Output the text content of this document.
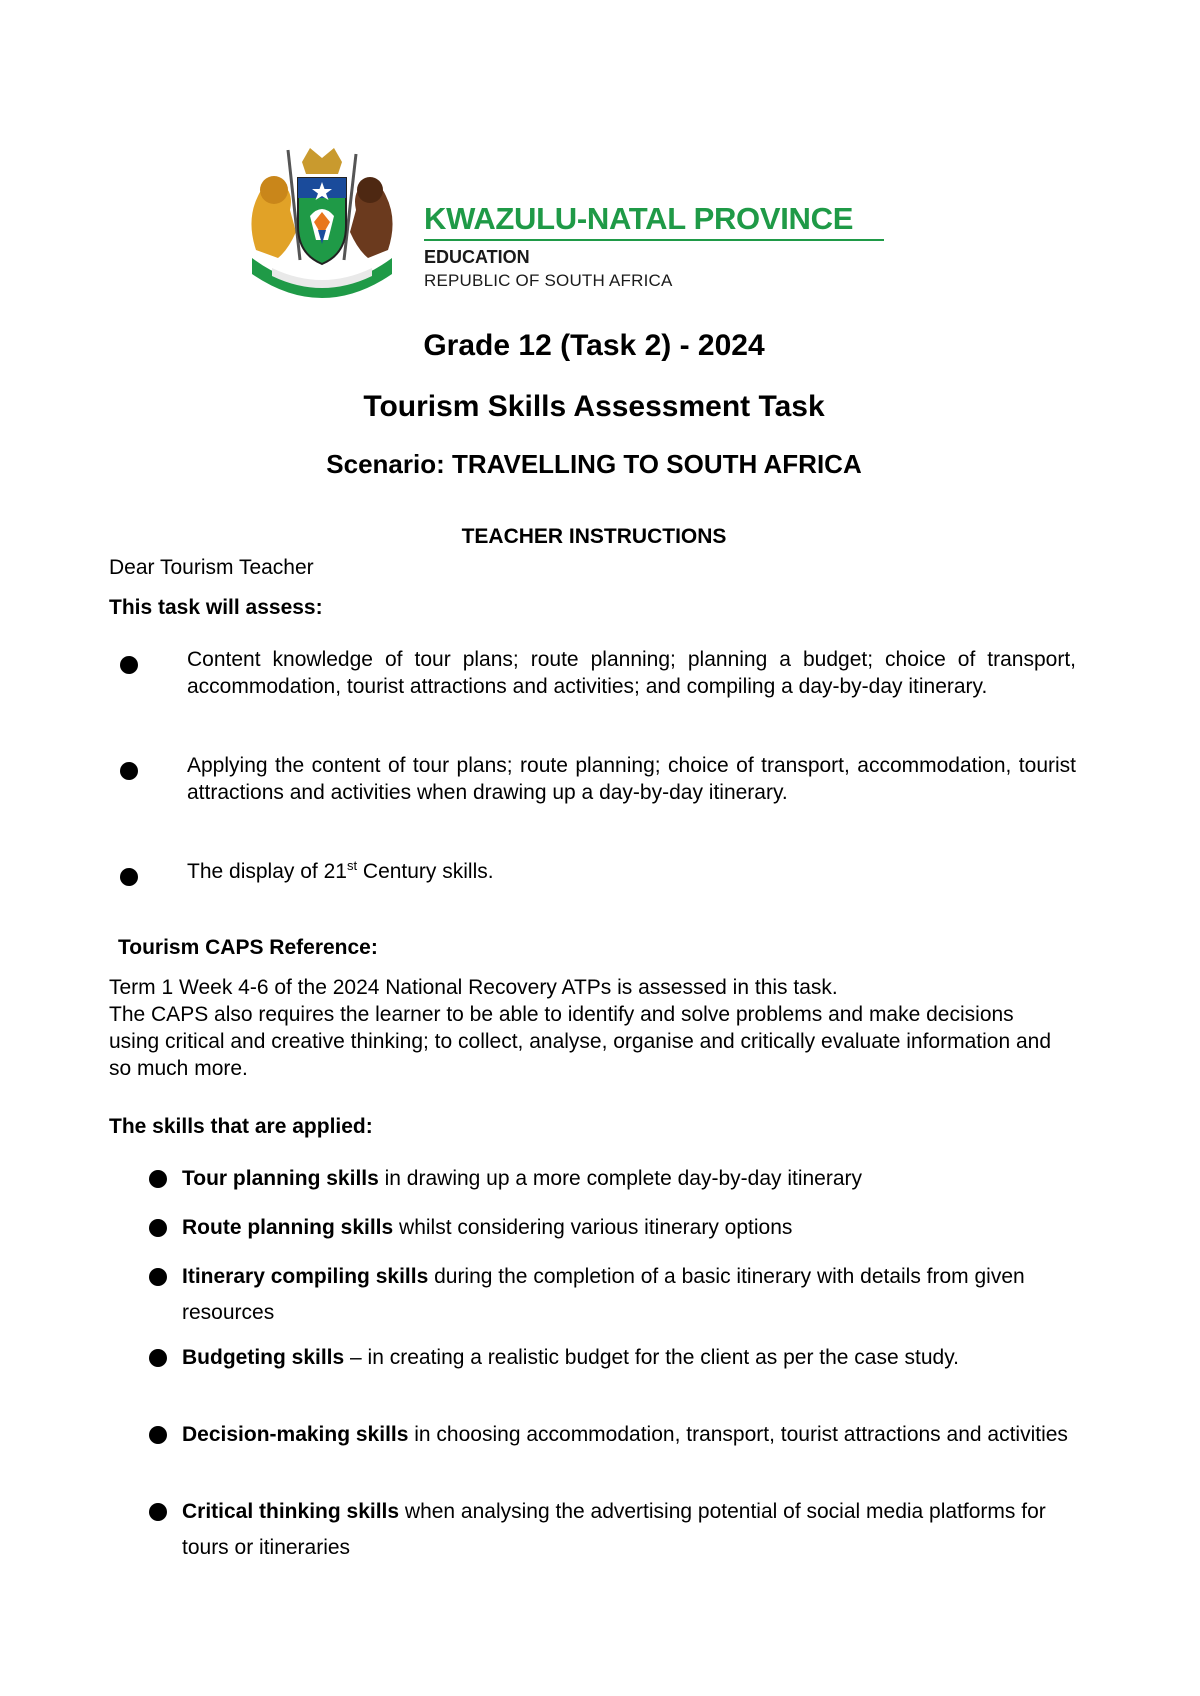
KWAZULU-NATAL PROVINCE
EDUCATION
REPUBLIC OF SOUTH AFRICA
Grade 12 (Task 2) - 2024
Tourism Skills Assessment Task
Scenario: TRAVELLING TO SOUTH AFRICA
TEACHER INSTRUCTIONS
Dear Tourism Teacher
This task will assess:
Content knowledge of tour plans; route planning; planning a budget; choice of transport, accommodation, tourist attractions and activities; and compiling a day-by-day itinerary.
Applying the content of tour plans; route planning; choice of transport, accommodation, tourist attractions and activities when drawing up a day-by-day itinerary.
The display of 21st Century skills.
Tourism CAPS Reference:
Term 1 Week 4-6 of the 2024 National Recovery ATPs is assessed in this task.
The CAPS also requires the learner to be able to identify and solve problems and make decisions using critical and creative thinking; to collect, analyse, organise and critically evaluate information and so much more.
The skills that are applied:
Tour planning skills in drawing up a more complete day-by-day itinerary
Route planning skills whilst considering various itinerary options
Itinerary compiling skills during the completion of a basic itinerary with details from given resources
Budgeting skills – in creating a realistic budget for the client as per the case study.
Decision-making skills in choosing accommodation, transport, tourist attractions and activities
Critical thinking skills when analysing the advertising potential of social media platforms for tours or itineraries
